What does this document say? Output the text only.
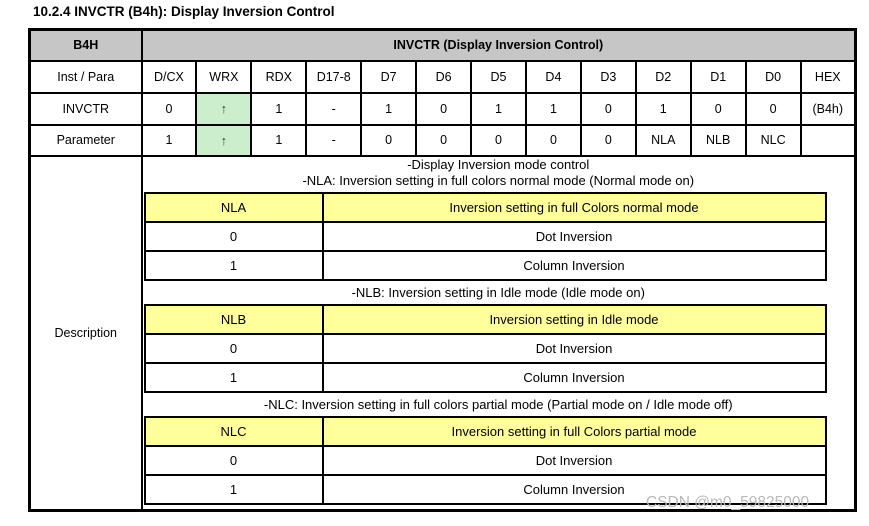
10.2.4 INVCTR (B4h): Display Inversion Control
B4H	INVCTR (Display Inversion Control)
Inst / Para	D/CX	WRX	RDX	D17-8	D7	D6	D5	D4	D3	D2	D1	D0	HEX
INVCTR	0	↑	1	-	1	0	1	1	0	1	0	0	(B4h)
Parameter	1	↑	1	-	0	0	0	0	0	NLA	NLB	NLC	
Description	
-Display Inversion mode control
-NLA: Inversion setting in full colors normal mode (Normal mode on)
NLA	Inversion setting in full Colors normal mode
0	Dot Inversion
1	Column Inversion
-NLB: Inversion setting in Idle mode (Idle mode on)
NLB	Inversion setting in Idle mode
0	Dot Inversion
1	Column Inversion
-NLC: Inversion setting in full colors partial mode (Partial mode on / Idle mode off)
NLC	Inversion setting in full Colors partial mode
0	Dot Inversion
1	Column Inversion
CSDN @m0_59825000
